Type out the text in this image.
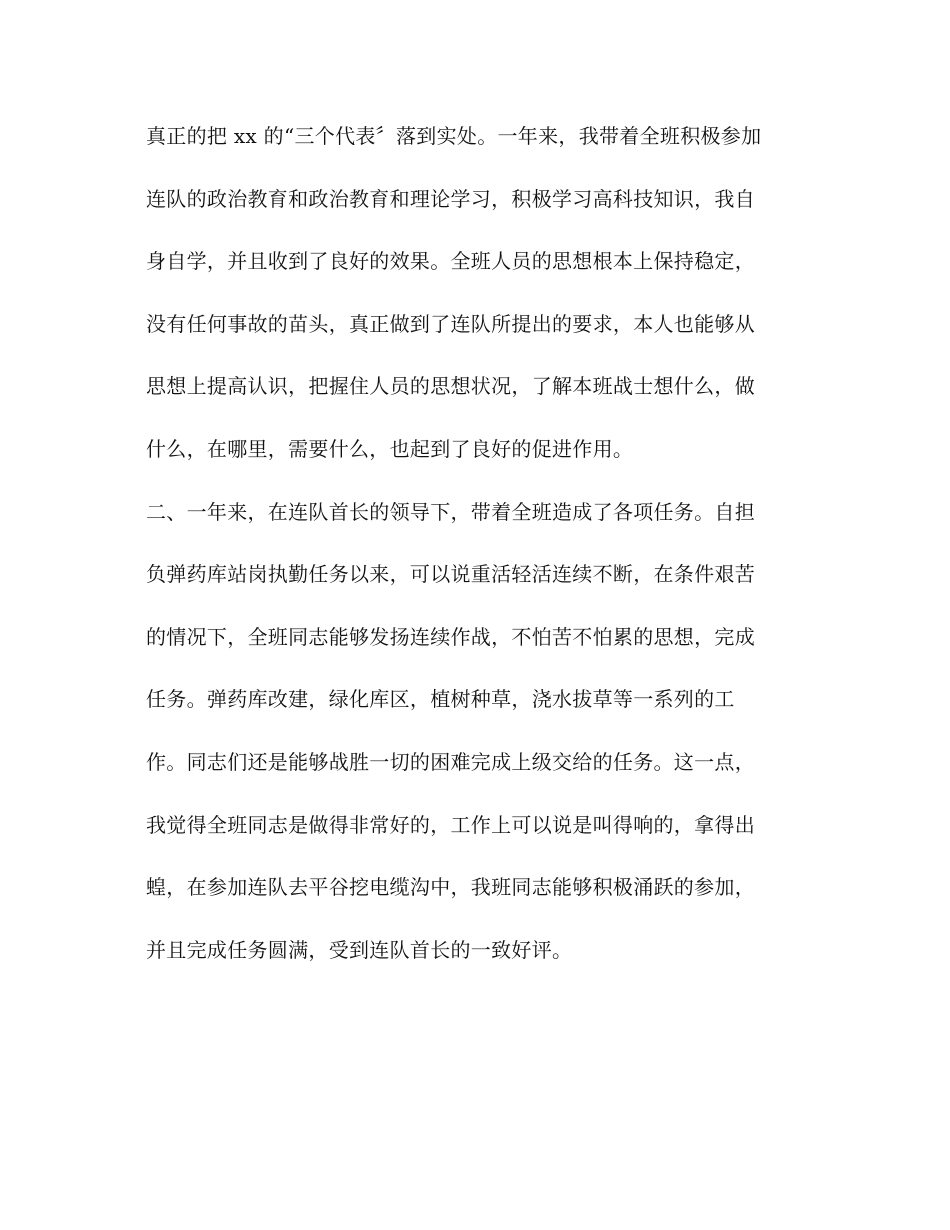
真正的把 xx 的“三个代表〞落到实处。一年来，我带着全班积极参加
连队的政治教育和政治教育和理论学习，积极学习高科技知识，我自
身自学，并且收到了良好的效果。全班人员的思想根本上保持稳定，
没有任何事故的苗头，真正做到了连队所提出的要求，本人也能够从
思想上提高认识，把握住人员的思想状况，了解本班战士想什么，做
什么，在哪里，需要什么，也起到了良好的促进作用。
二、一年来，在连队首长的领导下，带着全班造成了各项任务。自担
负弹药库站岗执勤任务以来，可以说重活轻活连续不断，在条件艰苦
的情况下，全班同志能够发扬连续作战，不怕苦不怕累的思想，完成
任务。弹药库改建，绿化库区，植树种草，浇水拔草等一系列的工
作。同志们还是能够战胜一切的困难完成上级交给的任务。这一点，
我觉得全班同志是做得非常好的，工作上可以说是叫得响的，拿得出
蝗，在参加连队去平谷挖电缆沟中，我班同志能够积极涌跃的参加，
并且完成任务圆满，受到连队首长的一致好评。
